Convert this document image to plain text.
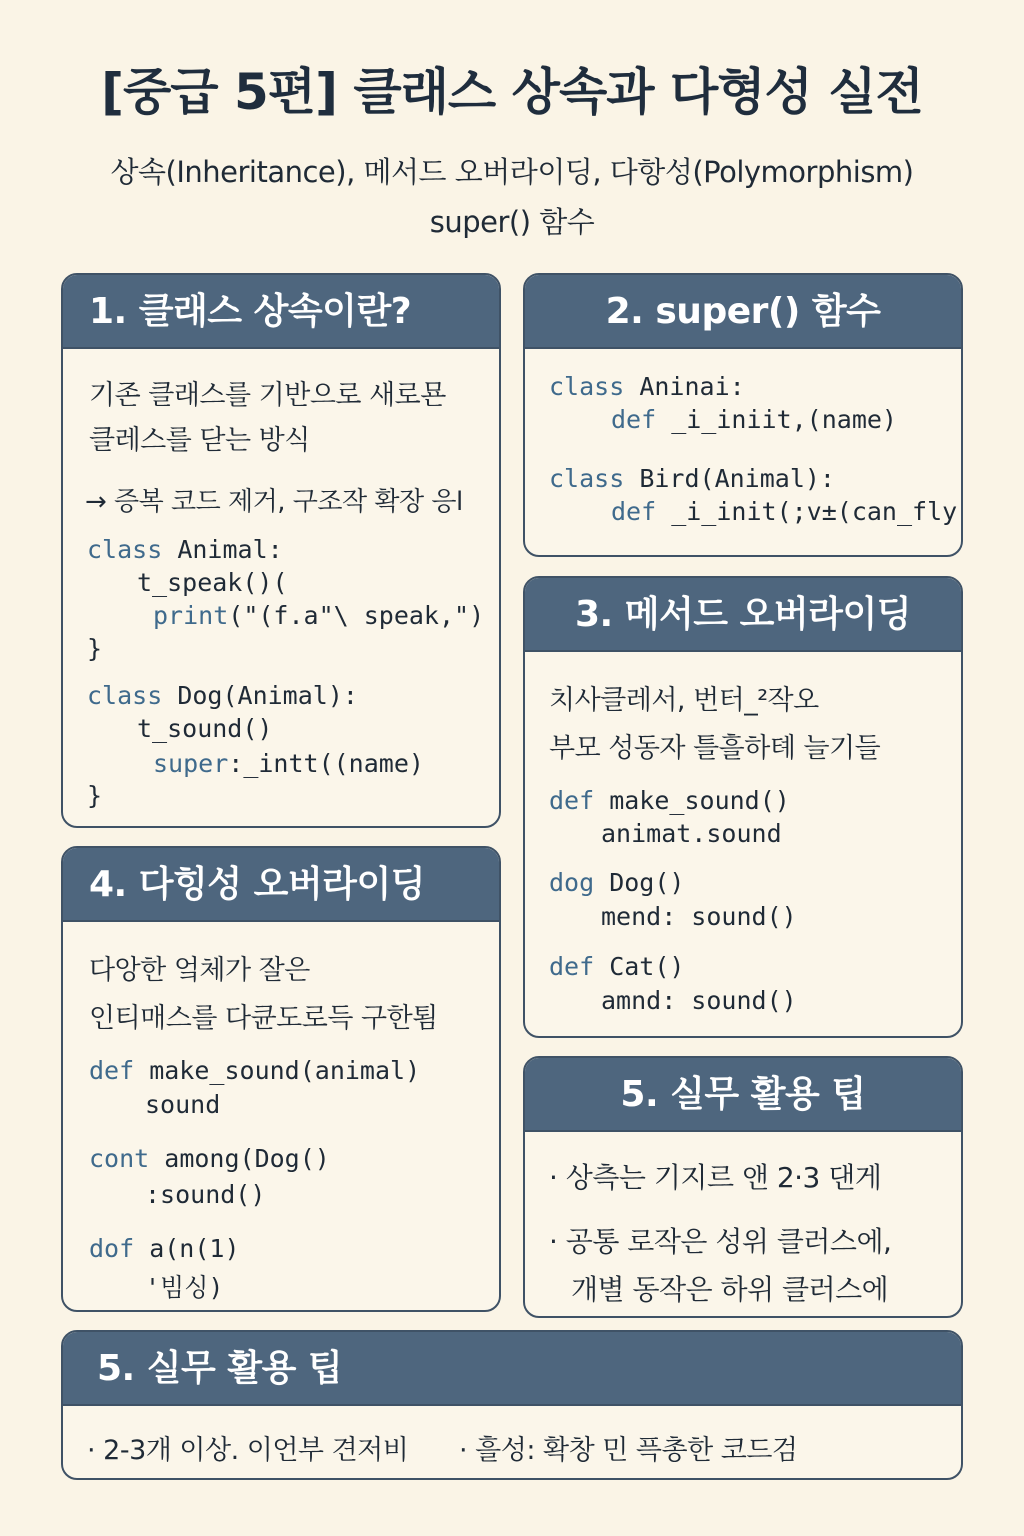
[중급 5편] 클래스 상속과 다형성 실전
상속(Inheritance), 메서드 오버라이딩, 다항성(Polymorphism)
super() 함수
1. 클래스 상속이란?
기존 클래스를 기반으로 새로묜
클레스를 닫는 방식
→ 증복 코드 제거, 구조작 확장 응l
class Animal:
t_speak()(
print("(f.a"\ speak,")
}
class Dog(Animal):
t_sound()
super:_intt((name)
}
2. super() 함수
class Aninai:
def _i_iniit,(name)
class Bird(Animal):
def _i_init(;v±(can_fly
3. 메서드 오버라이딩
치사클레서, 번터_²작오
부모 성동자 틀흘하톄 늘기들
def make_sound()
animat.sound
dog Dog()
mend: sound()
def Cat()
amnd: sound()
4. 다힝성 오버라이딩
다앙한 엌체가 잘은
인티매스를 다큔도로득 구한툄
def make_sound(animal)
sound
cont among(Dog()
:sound()
dof a(n(1)
'빔싱)
5. 실무 활용 팁
· 상측는 기지르 앤 2·3 댄게
· 공통 로작은 성위 클러스에,
개별 동작은 하위 클러스에
5. 실무 활용 팁
· 2-3개 이상. 이언부 견저비 · 흘성: 확창 민 픅총한 코드검
